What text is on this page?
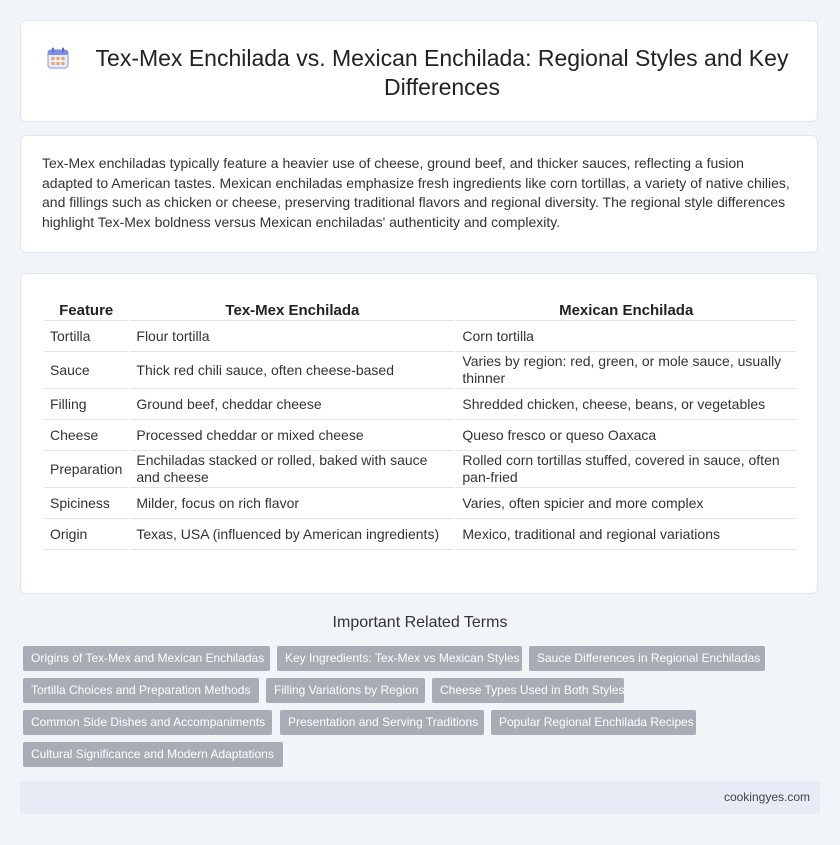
Tex-Mex Enchilada vs. Mexican Enchilada: Regional Styles and Key Differences
Tex-Mex enchiladas typically feature a heavier use of cheese, ground beef, and thicker sauces, reflecting a fusion adapted to American tastes. Mexican enchiladas emphasize fresh ingredients like corn tortillas, a variety of native chilies, and fillings such as chicken or cheese, preserving traditional flavors and regional diversity. The regional style differences highlight Tex-Mex boldness versus Mexican enchiladas' authenticity and complexity.
Feature	Tex-Mex Enchilada	Mexican Enchilada
Tortilla	Flour tortilla	Corn tortilla
Sauce	Thick red chili sauce, often cheese-based	Varies by region: red, green, or mole sauce, usually thinner
Filling	Ground beef, cheddar cheese	Shredded chicken, cheese, beans, or vegetables
Cheese	Processed cheddar or mixed cheese	Queso fresco or queso Oaxaca
Preparation	Enchiladas stacked or rolled, baked with sauce and cheese	Rolled corn tortillas stuffed, covered in sauce, often pan-fried
Spiciness	Milder, focus on rich flavor	Varies, often spicier and more complex
Origin	Texas, USA (influenced by American ingredients)	Mexico, traditional and regional variations
Important Related Terms
Origins of Tex-Mex and Mexican Enchiladas	Key Ingredients: Tex-Mex vs Mexican Styles	Sauce Differences in Regional Enchiladas
Tortilla Choices and Preparation Methods	Filling Variations by Region	Cheese Types Used in Both Styles
Common Side Dishes and Accompaniments	Presentation and Serving Traditions	Popular Regional Enchilada Recipes
Cultural Significance and Modern Adaptations
cookingyes.com
